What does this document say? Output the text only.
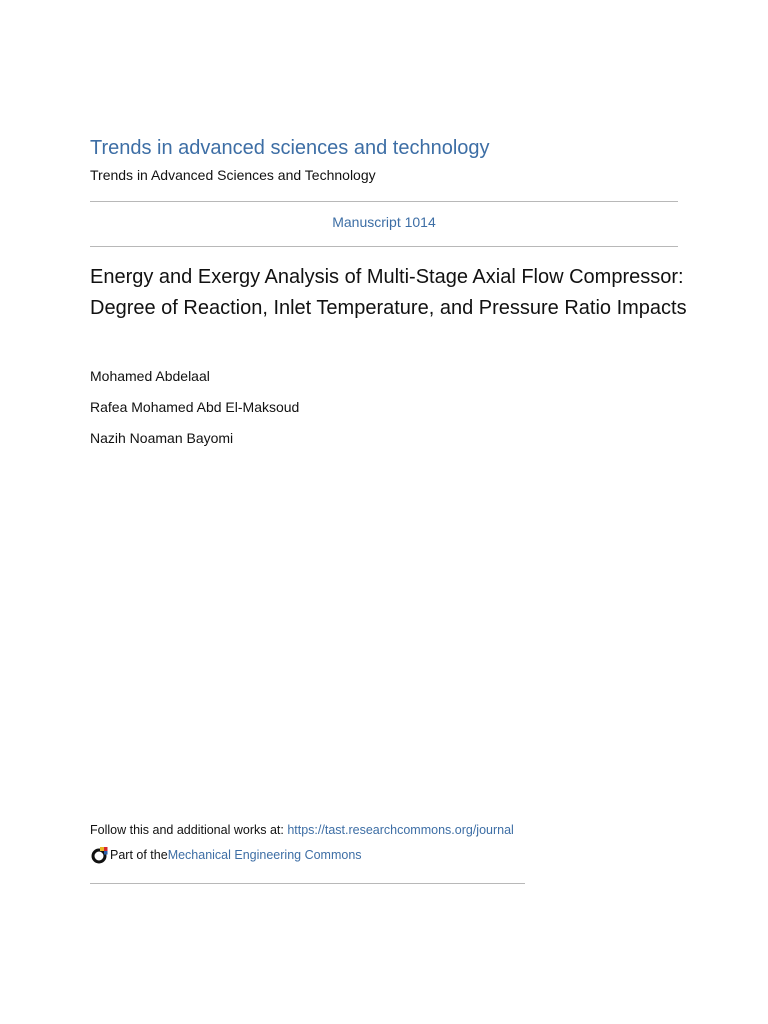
Trends in advanced sciences and technology
Trends in Advanced Sciences and Technology
Manuscript 1014
Energy and Exergy Analysis of Multi-Stage Axial Flow Compressor: Degree of Reaction, Inlet Temperature, and Pressure Ratio Impacts
Mohamed Abdelaal
Rafea Mohamed Abd El-Maksoud
Nazih Noaman Bayomi
Follow this and additional works at: https://tast.researchcommons.org/journal
Part of the Mechanical Engineering Commons
